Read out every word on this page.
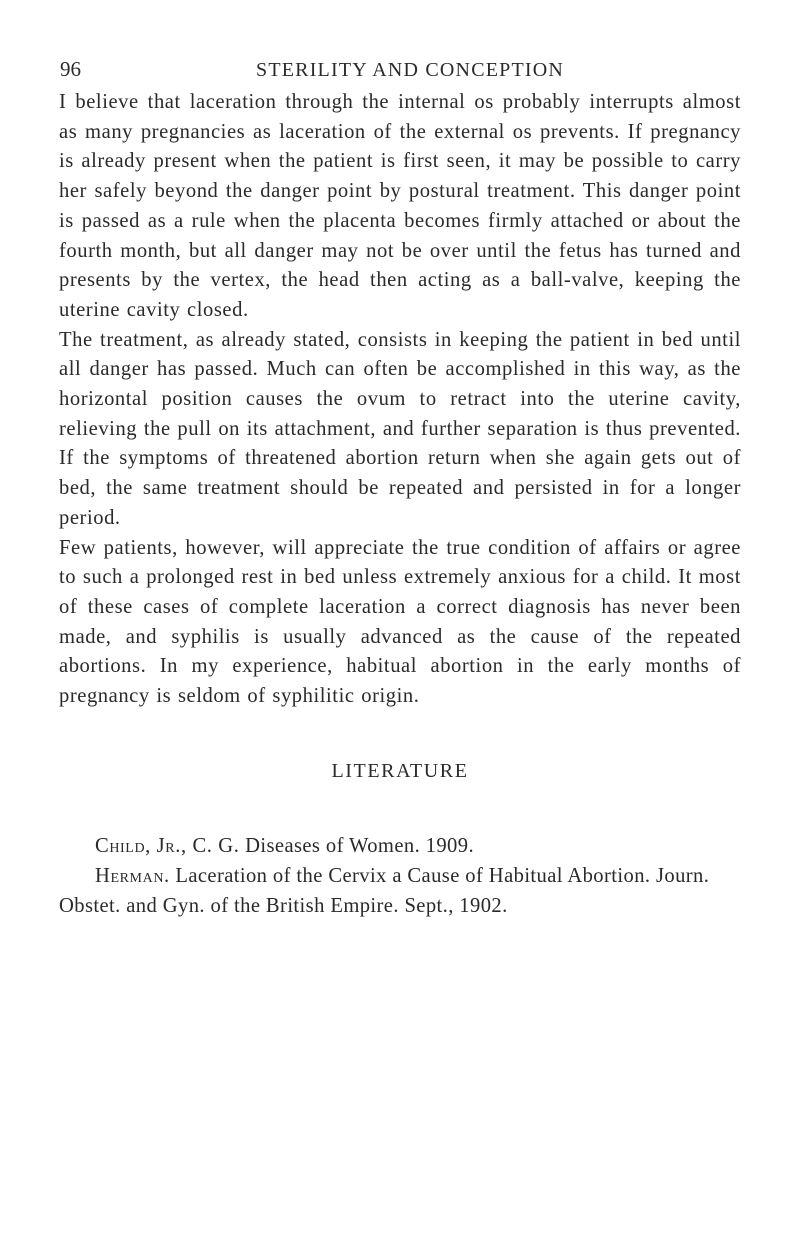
96	STERILITY AND CONCEPTION

I believe that laceration through the internal os probably interrupts almost as many pregnancies as laceration of the external os prevents. If pregnancy is already present when the patient is first seen, it may be possible to carry her safely beyond the danger point by postural treatment. This danger point is passed as a rule when the placenta becomes firmly attached or about the fourth month, but all danger may not be over until the fetus has turned and presents by the vertex, the head then acting as a ball-valve, keeping the uterine cavity closed.

The treatment, as already stated, consists in keeping the patient in bed until all danger has passed. Much can often be accomplished in this way, as the horizontal position causes the ovum to retract into the uterine cavity, relieving the pull on its attachment, and further separation is thus prevented. If the symptoms of threatened abortion return when she again gets out of bed, the same treatment should be repeated and persisted in for a longer period.

Few patients, however, will appreciate the true condition of affairs or agree to such a prolonged rest in bed unless extremely anxious for a child. It most of these cases of complete laceration a correct diagnosis has never been made, and syphilis is usually advanced as the cause of the repeated abortions. In my experience, habitual abortion in the early months of pregnancy is seldom of syphilitic origin.

LITERATURE

Child, Jr., C. G. Diseases of Women. 1909.

Herman. Laceration of the Cervix a Cause of Habitual Abortion. Journ. Obstet. and Gyn. of the British Empire. Sept., 1902.
